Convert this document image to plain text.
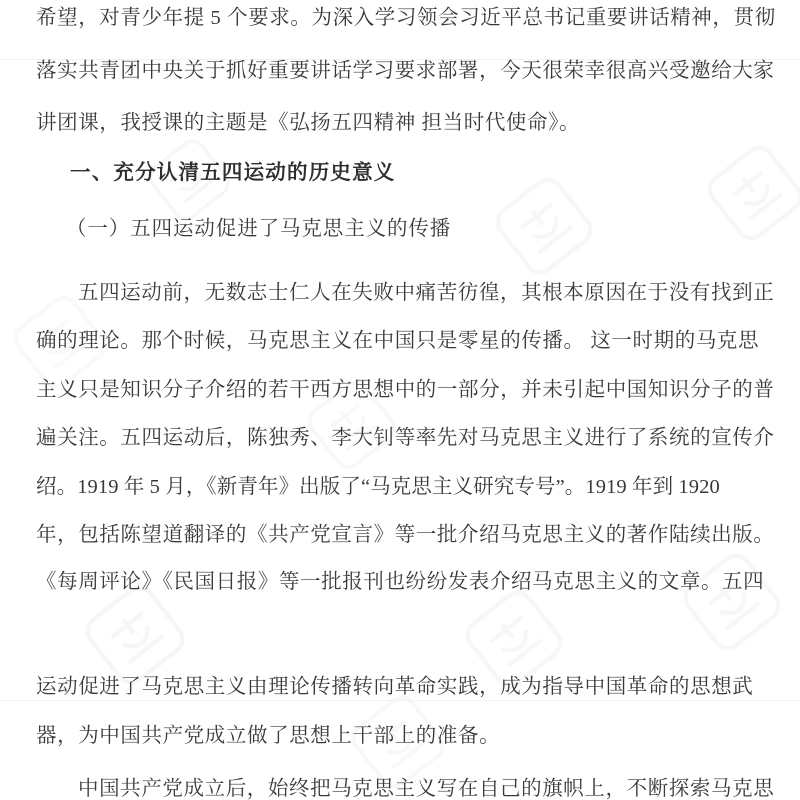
希望，对青少年提 5 个要求。为深入学习领会习近平总书记重要讲话精神，贯彻
落实共青团中央关于抓好重要讲话学习要求部署，今天很荣幸很高兴受邀给大家
讲团课，我授课的主题是《弘扬五四精神 担当时代使命》。
一、充分认清五四运动的历史意义
（一）五四运动促进了马克思主义的传播
五四运动前，无数志士仁人在失败中痛苦彷徨，其根本原因在于没有找到正
确的理论。那个时候，马克思主义在中国只是零星的传播。 这一时期的马克思
主义只是知识分子介绍的若干西方思想中的一部分，并未引起中国知识分子的普
遍关注。五四运动后，陈独秀、李大钊等率先对马克思主义进行了系统的宣传介
绍。1919 年 5 月，《新青年》出版了“马克思主义研究专号”。1919 年到 1920
年，包括陈望道翻译的《共产党宣言》等一批介绍马克思主义的著作陆续出版。
《每周评论》《民国日报》等一批报刊也纷纷发表介绍马克思主义的文章。五四
运动促进了马克思主义由理论传播转向革命实践，成为指导中国革命的思想武
器，为中国共产党成立做了思想上干部上的准备。
中国共产党成立后，始终把马克思主义写在自己的旗帜上，不断探索马克思
